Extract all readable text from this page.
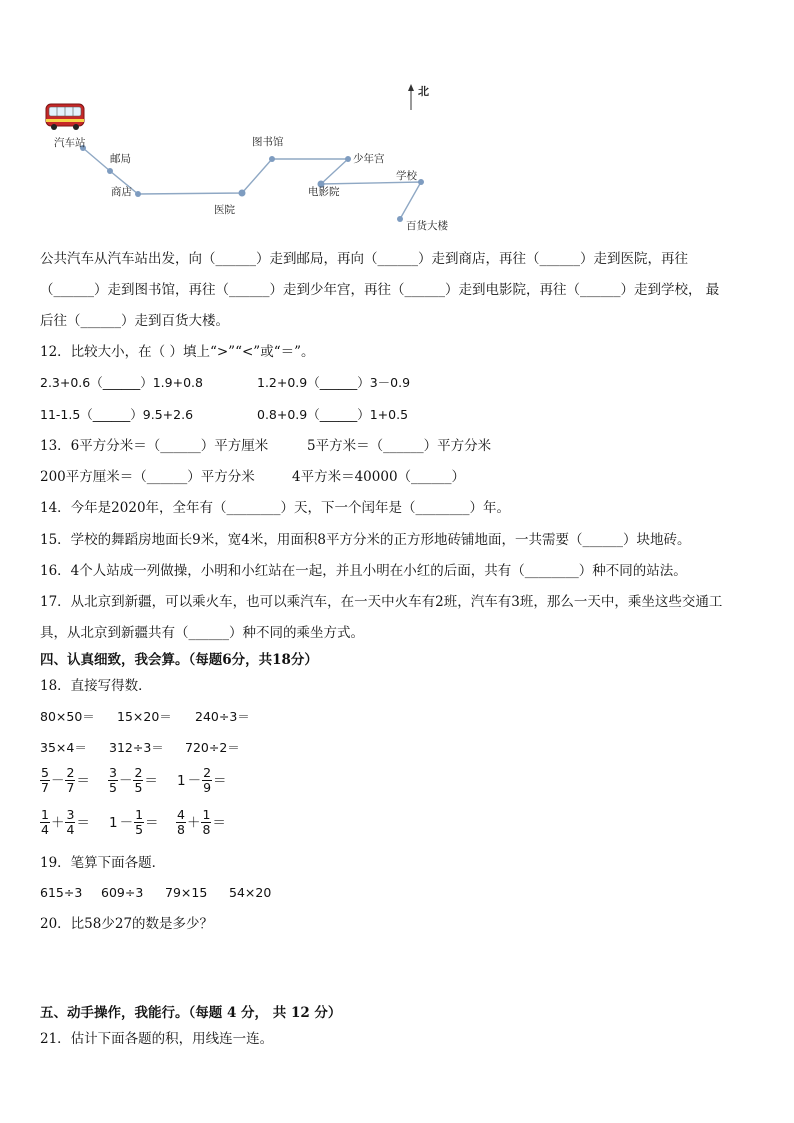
北
汽车站
邮局
商店
医院
图书馆
少年宫
电影院
学校
百货大楼
公共汽车从汽车站出发，向（______）走到邮局，再向（______）走到商店，再往（______）走到医院，再往
（______）走到图书馆，再往（______）走到少年宫，再往（______）走到电影院，再往（______）走到学校， 最
后往（______）走到百货大楼。
12．比较大小，在（ ）填上“>”“<”或“＝”。
2.3+0.6（______）1.9+0.8	1.2+0.9（______）3－0.9
11-1.5（______）9.5+2.6	0.8+0.9（______）1+0.5
13．6平方分米＝（______）平方厘米	5平方米＝（______）平方分米
200平方厘米＝（______）平方分米	4平方米＝40000（______）
14．今年是2020年，全年有（________）天，下一个闰年是（________）年。
15．学校的舞蹈房地面长9米，宽4米，用面积8平方分米的正方形地砖铺地面，一共需要（______）块地砖。
16．4个人站成一列做操，小明和小红站在一起，并且小明在小红的后面，共有（________）种不同的站法。
17．从北京到新疆，可以乘火车，也可以乘汽车，在一天中火车有2班，汽车有3班，那么一天中，乘坐这些交通工
具，从北京到新疆共有（______）种不同的乘坐方式。
四、认真细致，我会算。（每题6分，共18分）
18．直接写得数．
80×50＝ 15×20＝ 240÷3＝
35×4＝ 312÷3＝ 720÷2＝
$\frac{5}{7} - \frac{2}{7} = \frac{3}{5} - \frac{2}{5} = 1 - \frac{2}{9}$ ＝
$\frac{1}{4} + \frac{3}{4} = 1 - \frac{1}{5} = \frac{4}{8} + \frac{1}{8}$ ＝
19．笔算下面各题．
615÷3 609÷3 79×15 54×20
20．比58少27的数是多少？
五、动手操作，我能行。（每题 4 分， 共 12 分）
21．估计下面各题的积，用线连一连。
